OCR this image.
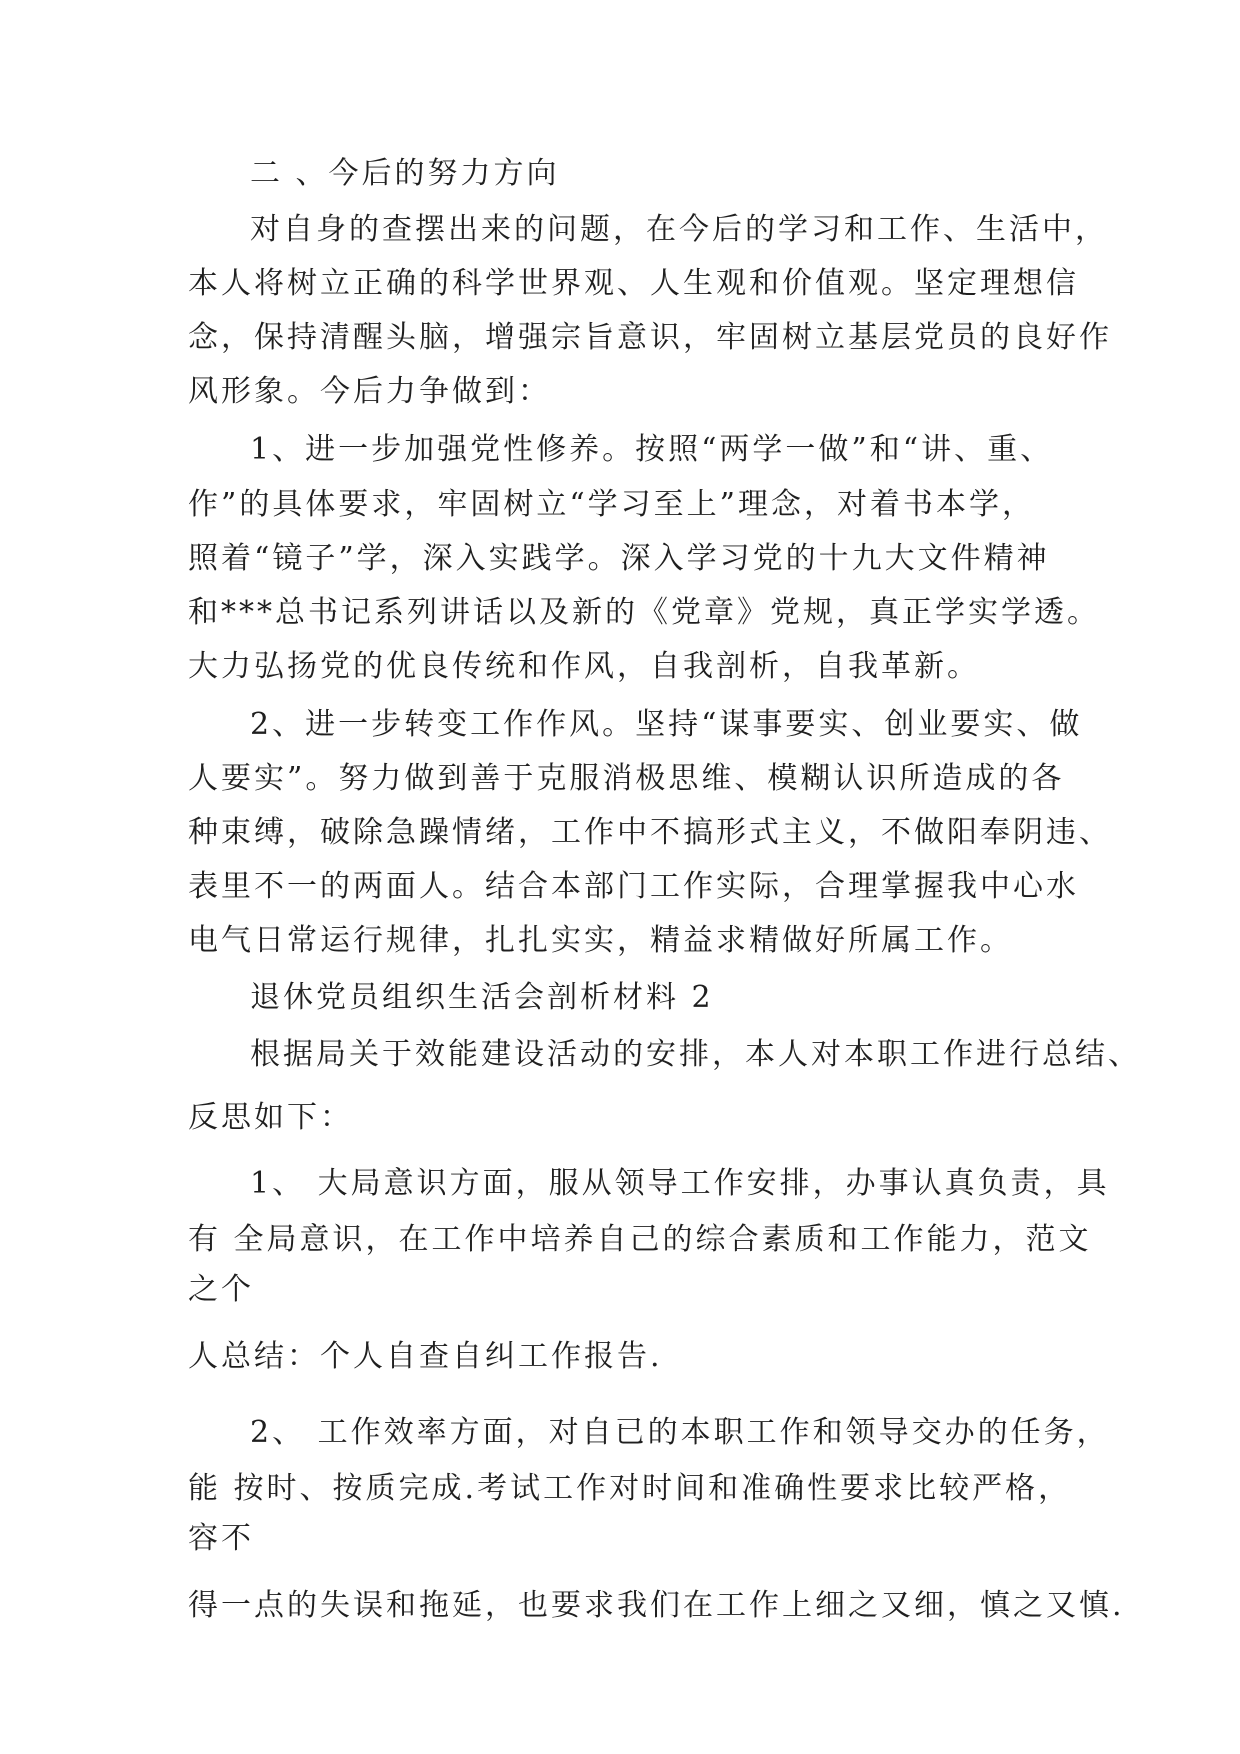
二 、今后的努力方向
对自身的查摆出来的问题，在今后的学习和工作、生活中，
本人将树立正确的科学世界观、人生观和价值观。坚定理想信
念，保持清醒头脑，增强宗旨意识，牢固树立基层党员的良好作
风形象。今后力争做到：
1、进一步加强党性修养。按照“两学一做”和“讲、重、
作”的具体要求，牢固树立“学习至上”理念，对着书本学，
照着“镜子”学，深入实践学。深入学习党的十九大文件精神
和***总书记系列讲话以及新的《党章》党规，真正学实学透。
大力弘扬党的优良传统和作风，自我剖析，自我革新。
2、进一步转变工作作风。坚持“谋事要实、创业要实、做
人要实”。努力做到善于克服消极思维、模糊认识所造成的各
种束缚，破除急躁情绪，工作中不搞形式主义，不做阳奉阴违、
表里不一的两面人。结合本部门工作实际，合理掌握我中心水
电气日常运行规律，扎扎实实，精益求精做好所属工作。
退休党员组织生活会剖析材料 2
根据局关于效能建设活动的安排，本人对本职工作进行总结、
反思如下：
1、 大局意识方面，服从领导工作安排，办事认真负责，具
有 全局意识，在工作中培养自己的综合素质和工作能力，范文
之个
人总结：个人自查自纠工作报告.
2、 工作效率方面，对自已的本职工作和领导交办的任务，
能 按时、按质完成.考试工作对时间和准确性要求比较严格，
容不
得一点的失误和拖延，也要求我们在工作上细之又细，慎之又慎.
